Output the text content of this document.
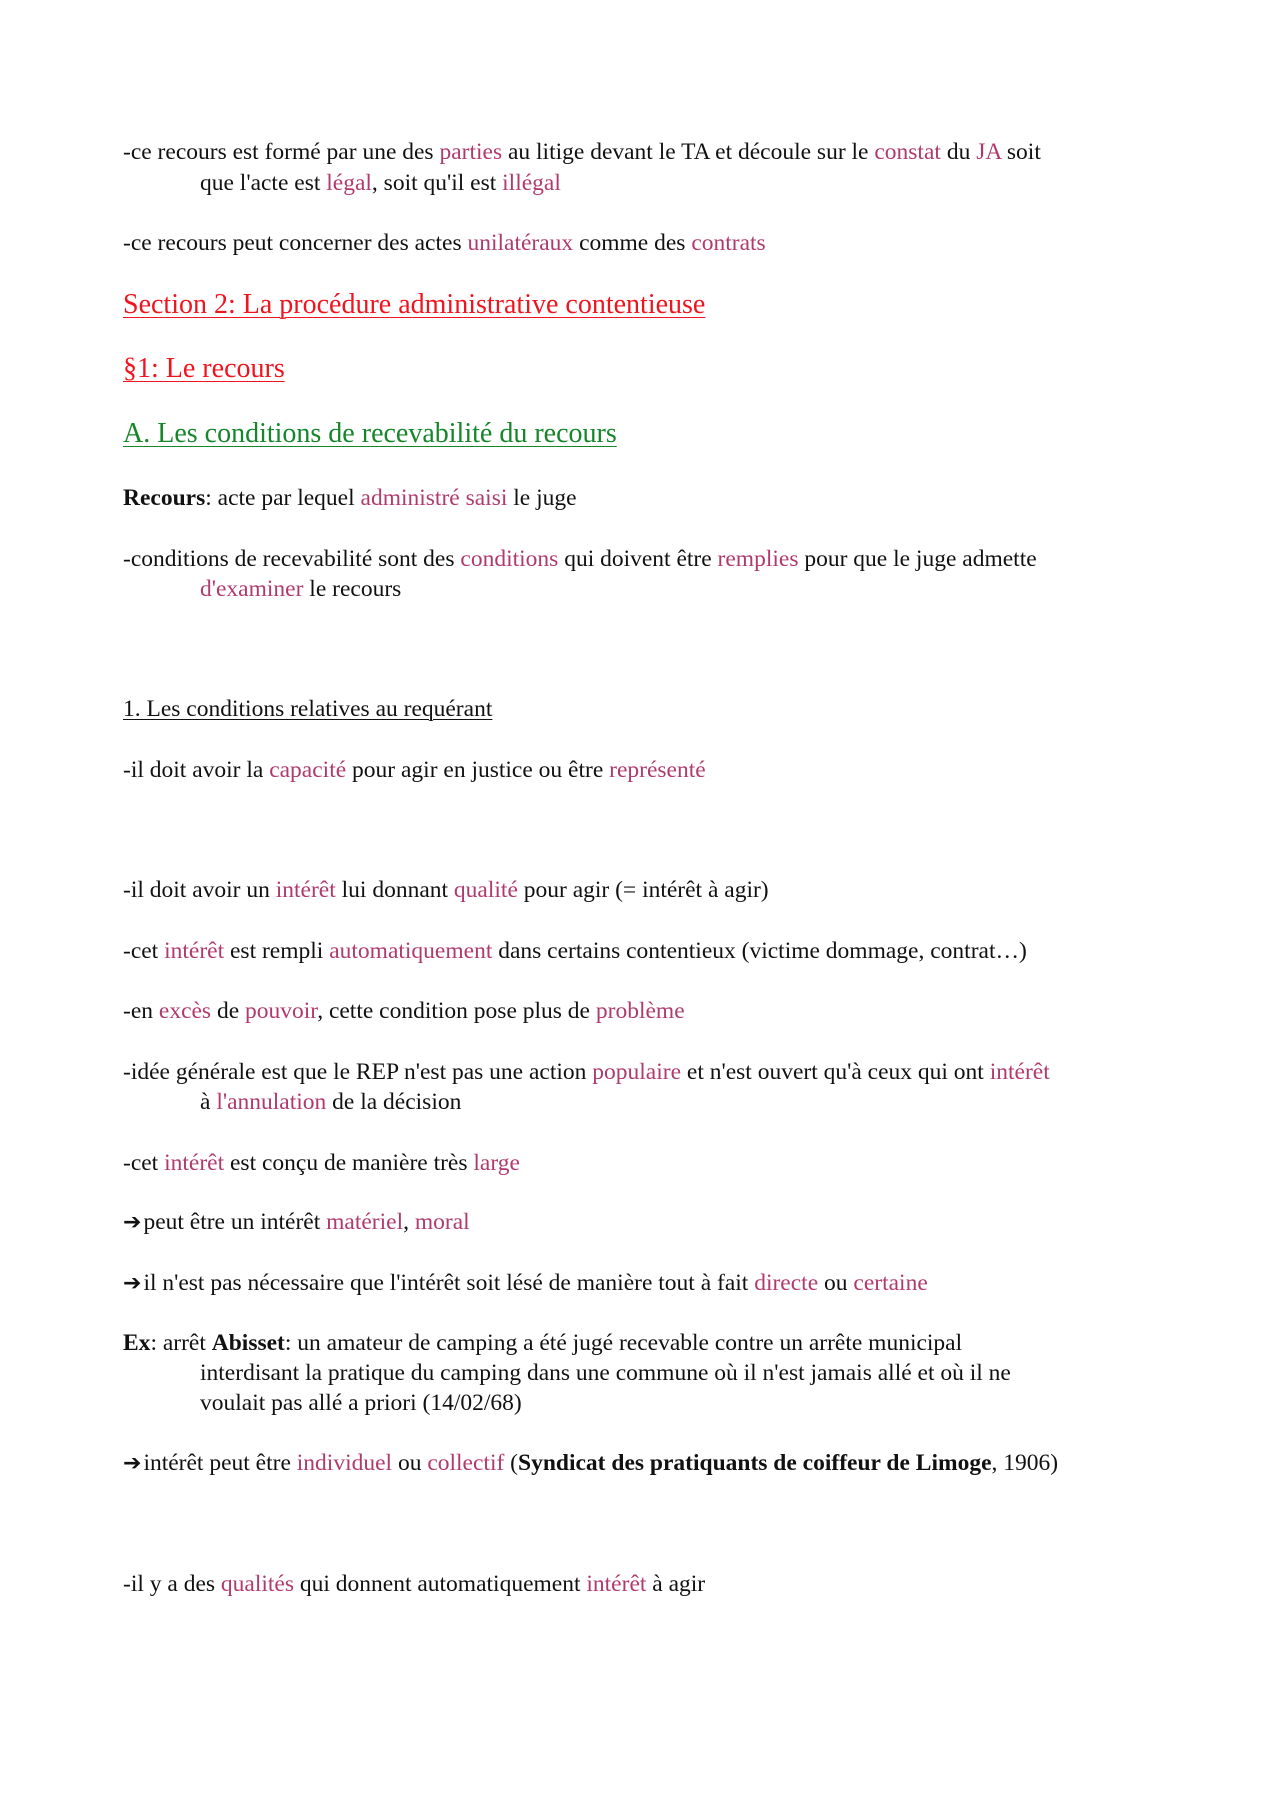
-ce recours est formé par une des parties au litige devant le TA et découle sur le constat du JA soit
que l'acte est légal, soit qu'il est illégal
-ce recours peut concerner des actes unilatéraux comme des contrats
Section 2: La procédure administrative contentieuse
§1: Le recours
A. Les conditions de recevabilité du recours
Recours: acte par lequel administré saisi le juge
-conditions de recevabilité sont des conditions qui doivent être remplies pour que le juge admette
d'examiner le recours
1. Les conditions relatives au requérant
-il doit avoir la capacité pour agir en justice ou être représenté
-il doit avoir un intérêt lui donnant qualité pour agir (= intérêt à agir)
-cet intérêt est rempli automatiquement dans certains contentieux (victime dommage, contrat…)
-en excès de pouvoir, cette condition pose plus de problème
-idée générale est que le REP n'est pas une action populaire et n'est ouvert qu'à ceux qui ont intérêt
à l'annulation de la décision
-cet intérêt est conçu de manière très large
➔peut être un intérêt matériel, moral
➔il n'est pas nécessaire que l'intérêt soit lésé de manière tout à fait directe ou certaine
Ex: arrêt Abisset: un amateur de camping a été jugé recevable contre un arrête municipal
interdisant la pratique du camping dans une commune où il n'est jamais allé et où il ne
voulait pas allé a priori (14/02/68)
➔intérêt peut être individuel ou collectif (Syndicat des pratiquants de coiffeur de Limoge, 1906)
-il y a des qualités qui donnent automatiquement intérêt à agir
